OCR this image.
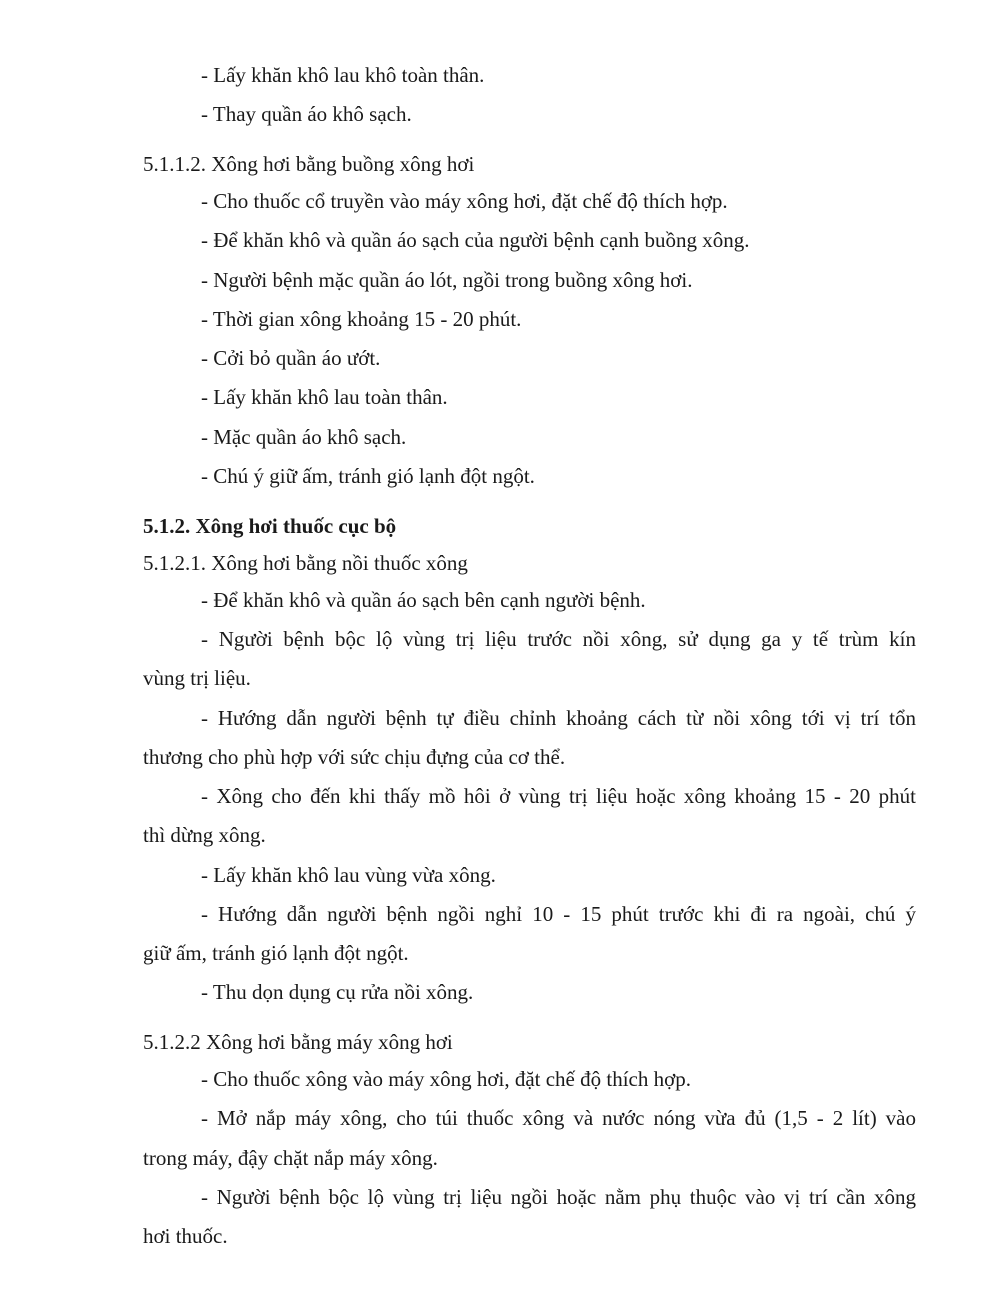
- Lấy khăn khô lau khô toàn thân.
- Thay quần áo khô sạch.
5.1.1.2. Xông hơi bằng buồng xông hơi
- Cho thuốc cổ truyền vào máy xông hơi, đặt chế độ thích hợp.
- Để khăn khô và quần áo sạch của người bệnh cạnh buồng xông.
- Người bệnh mặc quần áo lót, ngồi trong buồng xông hơi.
- Thời gian xông khoảng 15 - 20 phút.
- Cởi bỏ quần áo ướt.
- Lấy khăn khô lau toàn thân.
- Mặc quần áo khô sạch.
- Chú ý giữ ấm, tránh gió lạnh đột ngột.
5.1.2. Xông hơi thuốc cục bộ
5.1.2.1. Xông hơi bằng nồi thuốc xông
- Để khăn khô và quần áo sạch bên cạnh người bệnh.
- Người bệnh bộc lộ vùng trị liệu trước nồi xông, sử dụng ga y tế trùm kín
vùng trị liệu.
- Hướng dẫn người bệnh tự điều chỉnh khoảng cách từ nồi xông tới vị trí tổn
thương cho phù hợp với sức chịu đựng của cơ thể.
- Xông cho đến khi thấy mồ hôi ở vùng trị liệu hoặc xông khoảng 15 - 20 phút
thì dừng xông.
- Lấy khăn khô lau vùng vừa xông.
- Hướng dẫn người bệnh ngồi nghỉ 10 - 15 phút trước khi đi ra ngoài, chú ý
giữ ấm, tránh gió lạnh đột ngột.
- Thu dọn dụng cụ rửa nồi xông.
5.1.2.2 Xông hơi bằng máy xông hơi
- Cho thuốc xông vào máy xông hơi, đặt chế độ thích hợp.
- Mở nắp máy xông, cho túi thuốc xông và nước nóng vừa đủ (1,5 - 2 lít) vào
trong máy, đậy chặt nắp máy xông.
- Người bệnh bộc lộ vùng trị liệu ngồi hoặc nằm phụ thuộc vào vị trí cần xông
hơi thuốc.
